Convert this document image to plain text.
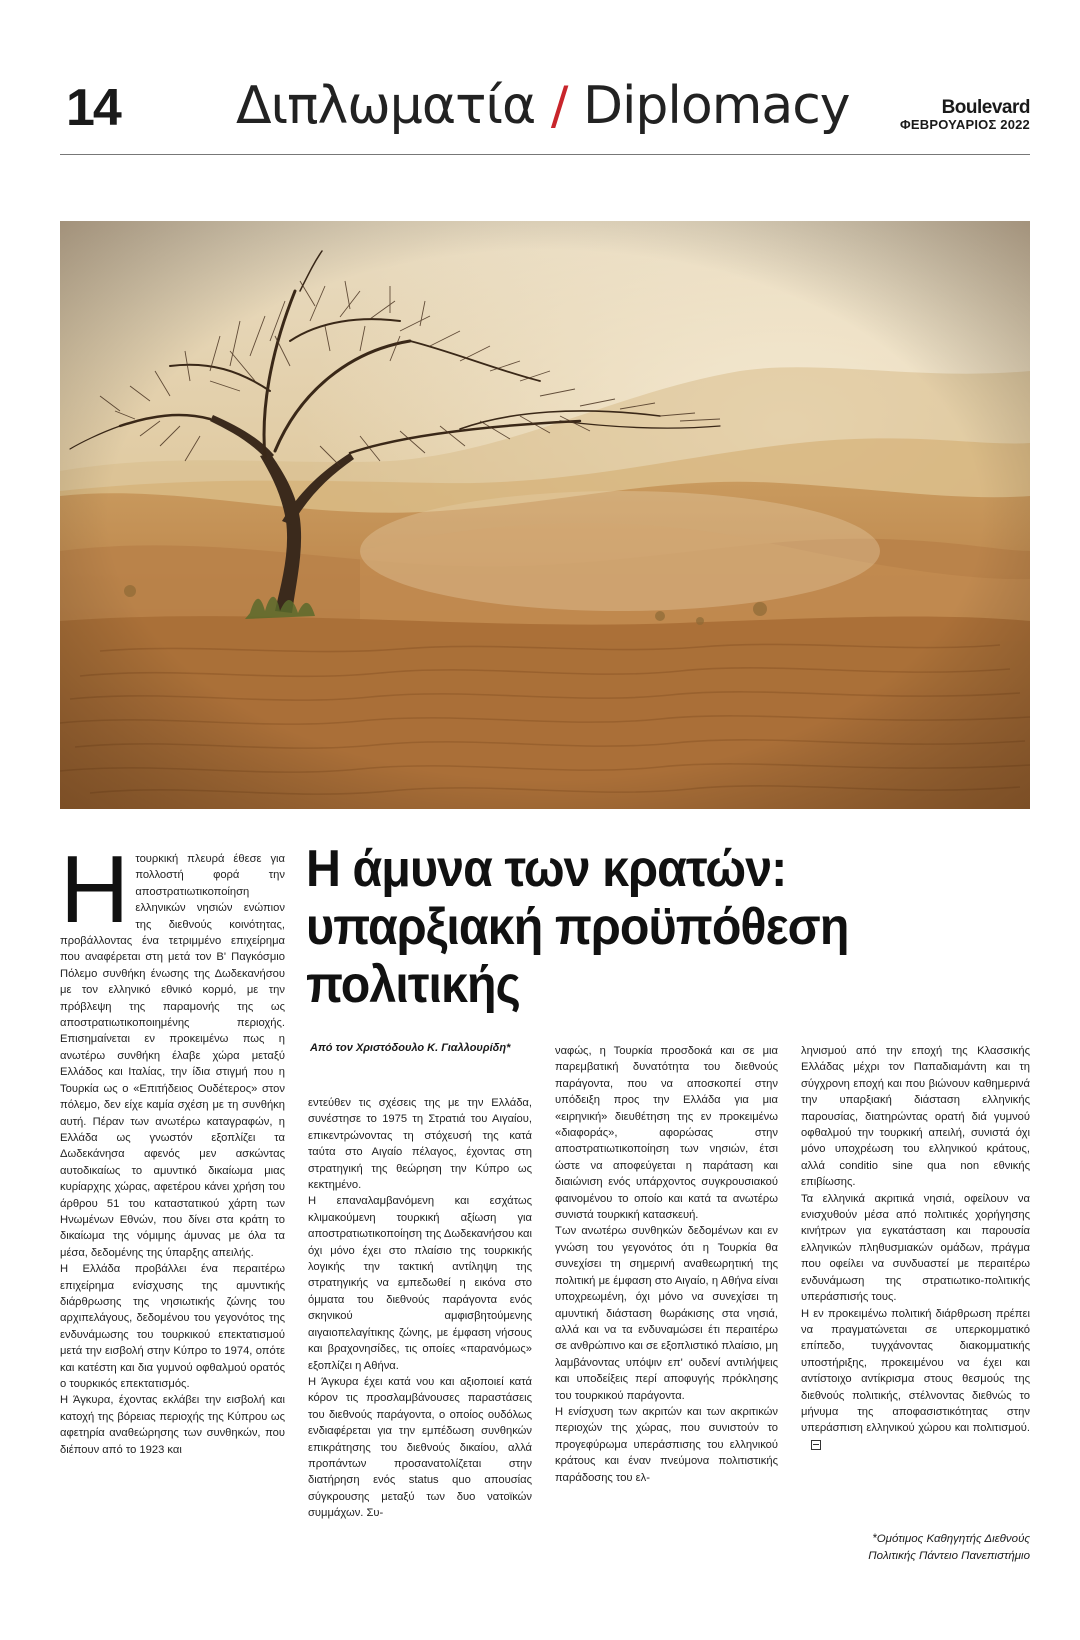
14 Διπλωματία / Diplomacy	Boulevard
ΦΕΒΡΟΥΑΡΙΟΣ 2022
Η άμυνα των κρατών: υπαρξιακή προϋπόθεση πολιτικής
Από τον Χριστόδουλο Κ. Γιαλλουρίδη*

Ητουρκική πλευρά έθεσε για πολλοστή φορά την αποστρατιωτικοποίηση ελληνικών νησιών ενώπιον της διεθνούς κοινότητας, προβάλλοντας ένα τετριμμένο επιχείρημα που αναφέρεται στη μετά τον Β' Παγκόσμιο Πόλεμο συνθήκη ένωσης της Δωδεκανήσου με τον ελληνικό εθνικό κορμό, με την πρόβλεψη της παραμονής της ως αποστρατιωτικοποιημένης περιοχής. Επισημαίνεται εν προκειμένω πως η ανωτέρω συνθήκη έλαβε χώρα μεταξύ Ελλάδος και Ιταλίας, την ίδια στιγμή που η Τουρκία ως ο «Επιτήδειος Ουδέτερος» στον πόλεμο, δεν είχε καμία σχέση με τη συνθήκη αυτή. Πέραν των ανωτέρω καταγραφών, η Ελλάδα ως γνωστόν εξοπλίζει τα Δωδεκάνησα αφενός μεν ασκώντας αυτοδικαίως το αμυντικό δικαίωμα μιας κυρίαρχης χώρας, αφετέρου κάνει χρήση του άρθρου 51 του καταστατικού χάρτη των Ηνωμένων Εθνών, που δίνει στα κράτη το δικαίωμα της νόμιμης άμυνας με όλα τα μέσα, δεδομένης της ύπαρξης απειλής.

Η Ελλάδα προβάλλει ένα περαιτέρω επιχείρημα ενίσχυσης της αμυντικής διάρθρωσης της νησιωτικής ζώνης του αρχιπελάγους, δεδομένου του γεγονότος της ενδυνάμωσης του τουρκικού επεκτατισμού μετά την εισβολή στην Κύπρο το 1974, οπότε και κατέστη και δια γυμνού οφθαλμού ορατός ο τουρκικός επεκτατισμός.

Η Άγκυρα, έχοντας εκλάβει την εισβολή και κατοχή της βόρειας περιοχής της Κύπρου ως αφετηρία αναθεώρησης των συνθηκών, που διέπουν από το 1923 και

εντεύθεν τις σχέσεις της με την Ελλάδα, συνέστησε το 1975 τη Στρατιά του Αιγαίου, επικεντρώνοντας τη στόχευσή της κατά ταύτα στο Αιγαίο πέλαγος, έχοντας στη στρατηγική της θεώρηση την Κύπρο ως κεκτημένο.

Η επαναλαμβανόμενη και εσχάτως κλιμακούμενη τουρκική αξίωση για αποστρατιωτικοποίηση της Δωδεκανήσου και όχι μόνο έχει στο πλαίσιο της τουρκικής λογικής την τακτική αντίληψη της στρατηγικής να εμπεδωθεί η εικόνα στο όμματα του διεθνούς παράγοντα ενός σκηνικού αμφισβητούμενης αιγαιοπελαγίτικης ζώνης, με έμφαση νήσους και βραχονησίδες, τις οποίες «παρανόμως» εξοπλίζει η Αθήνα.

Η Άγκυρα έχει κατά νου και αξιοποιεί κατά κόρον τις προσλαμβάνουσες παραστάσεις του διεθνούς παράγοντα, ο οποίος ουδόλως ενδιαφέρεται για την εμπέδωση συνθηκών επικράτησης του διεθνούς δικαίου, αλλά προπάντων προσανατολίζεται στην διατήρηση ενός status quo απουσίας σύγκρουσης μεταξύ των δυο νατοϊκών συμμάχων. Συ-

ναφώς, η Τουρκία προσδοκά και σε μια παρεμβατική δυνατότητα του διεθνούς παράγοντα, που να αποσκοπεί στην υπόδειξη προς την Ελλάδα για μια «ειρηνική» διευθέτηση της εν προκειμένω «διαφοράς», αφορώσας στην αποστρατιωτικοποίηση των νησιών, έτσι ώστε να αποφεύγεται η παράταση και διαιώνιση ενός υπάρχοντος συγκρουσιακού φαινομένου το οποίο και κατά τα ανωτέρω συνιστά τουρκική κατασκευή.

Των ανωτέρω συνθηκών δεδομένων και εν γνώση του γεγονότος ότι η Τουρκία θα συνεχίσει τη σημερινή αναθεωρητική της πολιτική με έμφαση στο Αιγαίο, η Αθήνα είναι υποχρεωμένη, όχι μόνο να συνεχίσει τη αμυντική διάσταση θωράκισης στα νησιά, αλλά και να τα ενδυναμώσει έτι περαιτέρω σε ανθρώπινο και σε εξοπλιστικό πλαίσιο, μη λαμβάνοντας υπόψιν επ' ουδενί αντιλήψεις και υποδείξεις περί αποφυγής πρόκλησης του τουρκικού παράγοντα.

Η ενίσχυση των ακριτών και των ακριτικών περιοχών της χώρας, που συνιστούν το προγεφύρωμα υπεράσπισης του ελληνικού κράτους και έναν πνεύμονα πολιτιστικής παράδοσης του ελ-

ληνισμού από την εποχή της Κλασσικής Ελλάδας μέχρι τον Παπαδιαμάντη και τη σύγχρονη εποχή και που βιώνουν καθημερινά την υπαρξιακή διάσταση ελληνικής παρουσίας, διατηρώντας ορατή διά γυμνού οφθαλμού την τουρκική απειλή, συνιστά όχι μόνο υποχρέωση του ελληνικού κράτους, αλλά conditio sine qua non εθνικής επιβίωσης.

Τα ελληνικά ακριτικά νησιά, οφείλουν να ενισχυθούν μέσα από πολιτικές χορήγησης κινήτρων για εγκατάσταση και παρουσία ελληνικών πληθυσμιακών ομάδων, πράγμα που οφείλει να συνδυαστεί με περαιτέρω ενδυνάμωση της στρατιωτικο-πολιτικής υπεράσπισής τους.

Η εν προκειμένω πολιτική διάρθρωση πρέπει να πραγματώνεται σε υπερκομματικό επίπεδο, τυγχάνοντας διακομματικής υποστήριξης, προκειμένου να έχει και αντίστοιχο αντίκρισμα στους θεσμούς της διεθνούς πολιτικής, στέλνοντας διεθνώς το μήνυμα της αποφασιστικότητας στην υπεράσπιση ελληνικού χώρου και πολιτισμού.

*Ομότιμος Καθηγητής Διεθνούς
Πολιτικής Πάντειο Πανεπιστήμιο
